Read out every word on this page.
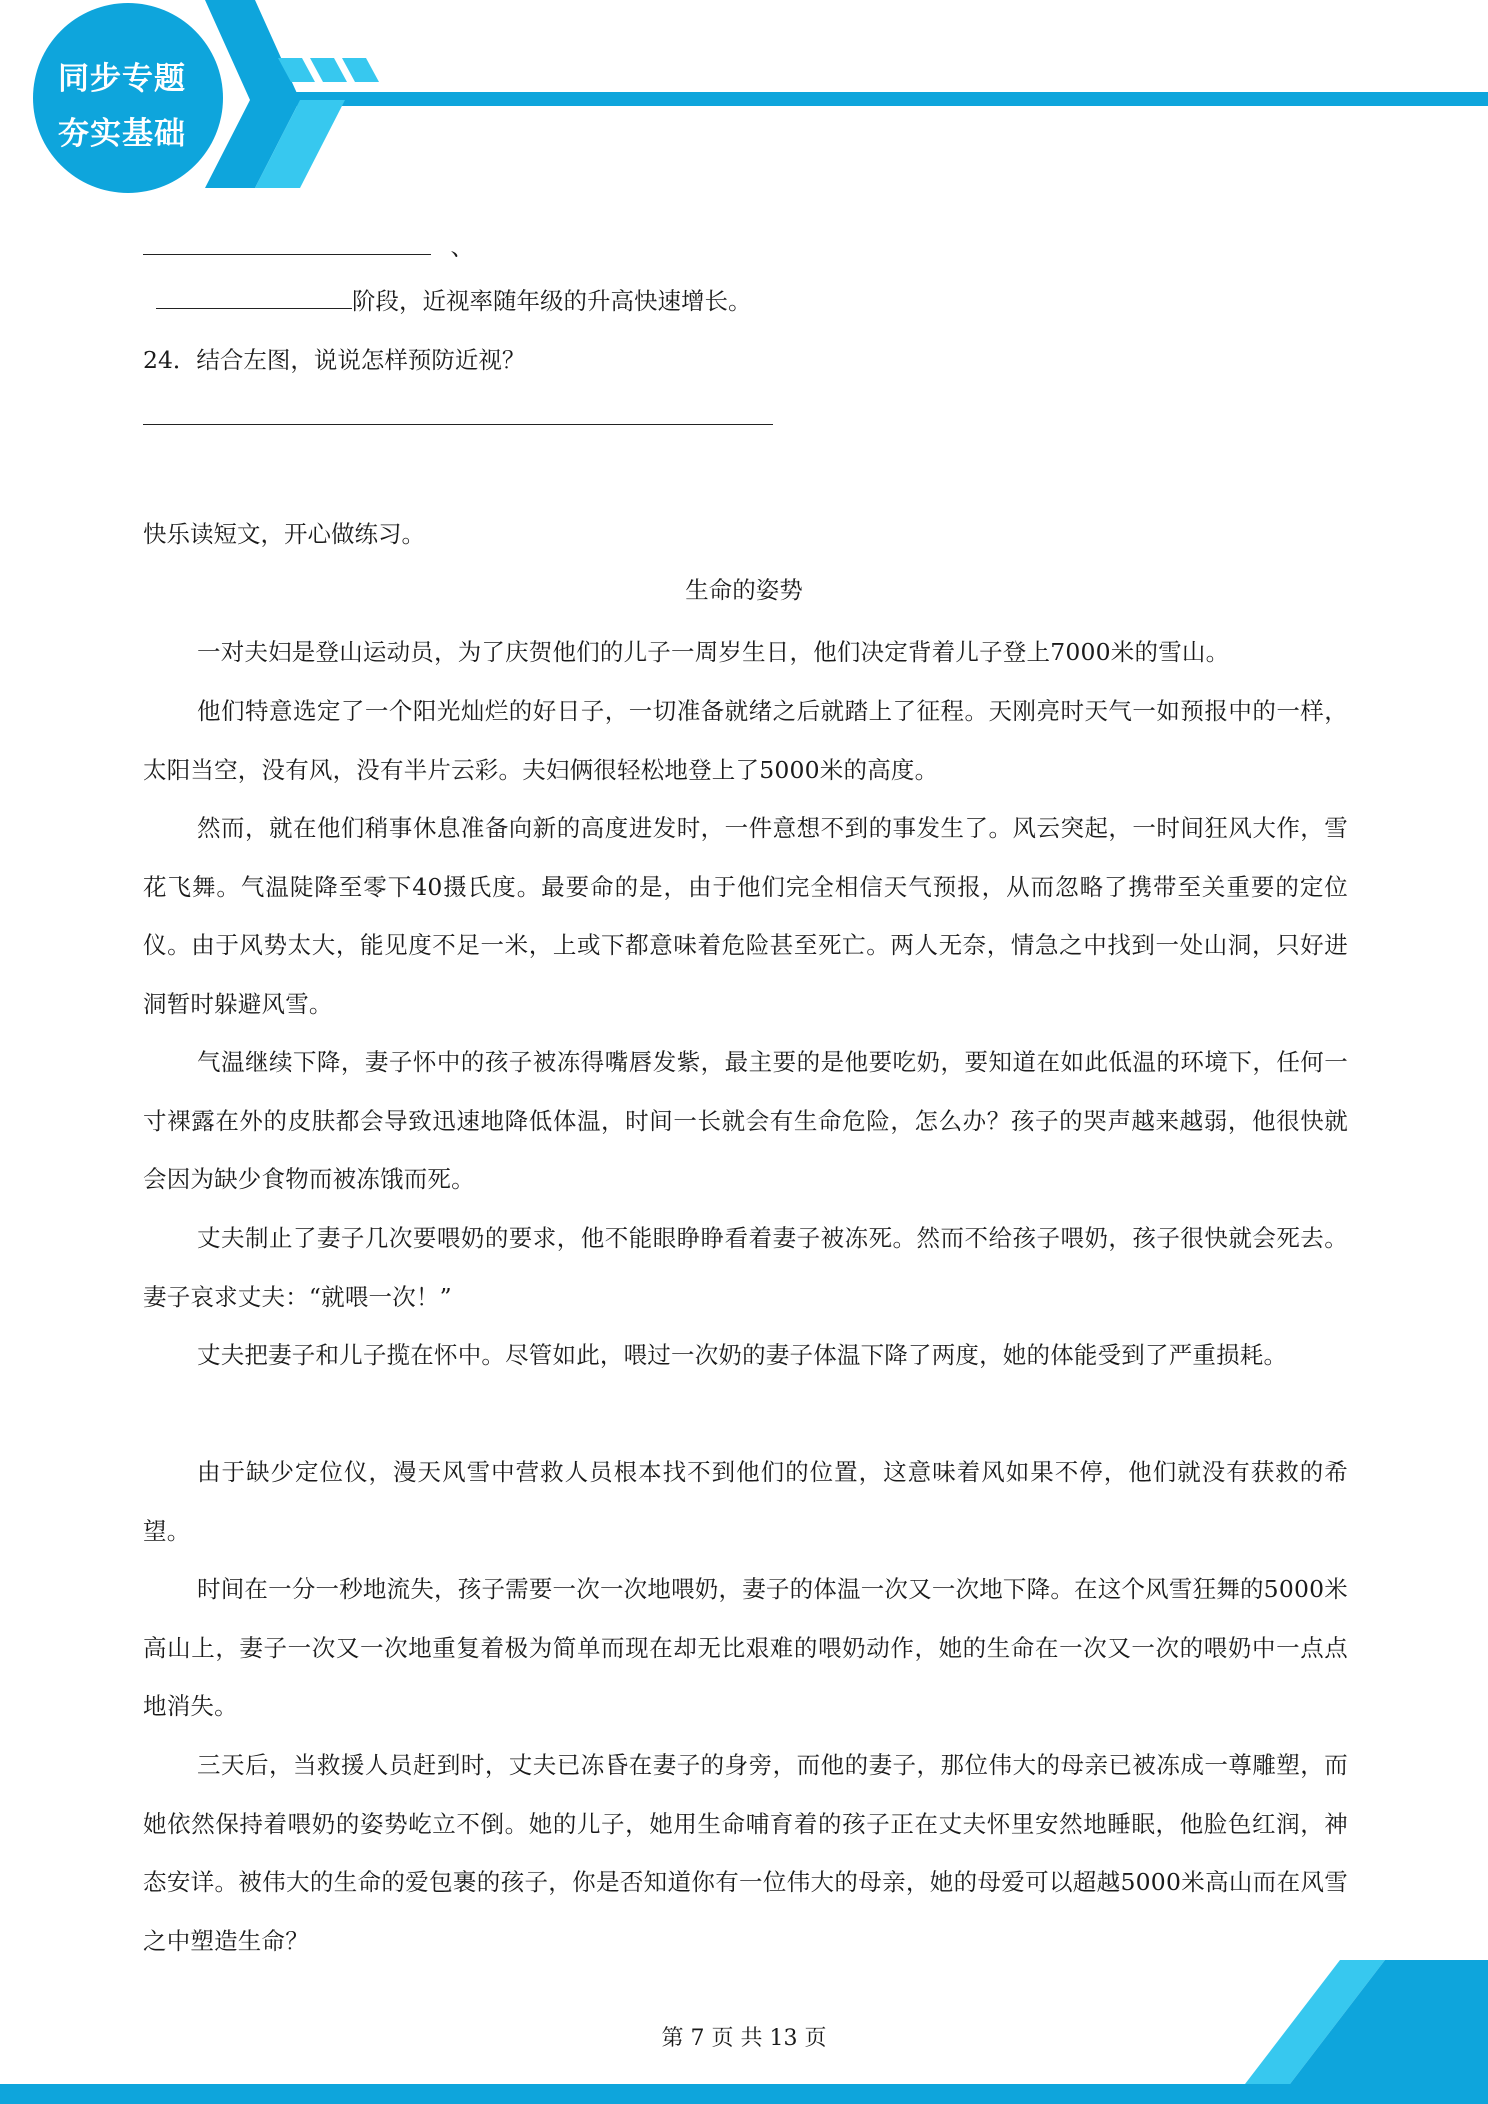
同步专题
夯实基础
、
阶段，近视率随年级的升高快速增长。
24．结合左图，说说怎样预防近视？
快乐读短文，开心做练习。
生命的姿势
一对夫妇是登山运动员，为了庆贺他们的儿子一周岁生日，他们决定背着儿子登上7000米的雪山。
他们特意选定了一个阳光灿烂的好日子，一切准备就绪之后就踏上了征程。天刚亮时天气一如预报中的一样，太阳当空，没有风，没有半片云彩。夫妇俩很轻松地登上了5000米的高度。
然而，就在他们稍事休息准备向新的高度进发时，一件意想不到的事发生了。风云突起，一时间狂风大作，雪花飞舞。气温陡降至零下40摄氏度。最要命的是，由于他们完全相信天气预报，从而忽略了携带至关重要的定位仪。由于风势太大，能见度不足一米，上或下都意味着危险甚至死亡。两人无奈，情急之中找到一处山洞，只好进洞暂时躲避风雪。
气温继续下降，妻子怀中的孩子被冻得嘴唇发紫，最主要的是他要吃奶，要知道在如此低温的环境下，任何一寸裸露在外的皮肤都会导致迅速地降低体温，时间一长就会有生命危险，怎么办？孩子的哭声越来越弱，他很快就会因为缺少食物而被冻饿而死。
丈夫制止了妻子几次要喂奶的要求，他不能眼睁睁看着妻子被冻死。然而不给孩子喂奶，孩子很快就会死去。妻子哀求丈夫：“就喂一次！”
丈夫把妻子和儿子揽在怀中。尽管如此，喂过一次奶的妻子体温下降了两度，她的体能受到了严重损耗。
由于缺少定位仪，漫天风雪中营救人员根本找不到他们的位置，这意味着风如果不停，他们就没有获救的希望。
时间在一分一秒地流失，孩子需要一次一次地喂奶，妻子的体温一次又一次地下降。在这个风雪狂舞的5000米高山上，妻子一次又一次地重复着极为简单而现在却无比艰难的喂奶动作，她的生命在一次又一次的喂奶中一点点地消失。
三天后，当救援人员赶到时，丈夫已冻昏在妻子的身旁，而他的妻子，那位伟大的母亲已被冻成一尊雕塑，而她依然保持着喂奶的姿势屹立不倒。她的儿子，她用生命哺育着的孩子正在丈夫怀里安然地睡眠，他脸色红润，神态安详。被伟大的生命的爱包裹的孩子，你是否知道你有一位伟大的母亲，她的母爱可以超越5000米高山而在风雪之中塑造生命？
第 7 页 共 13 页
